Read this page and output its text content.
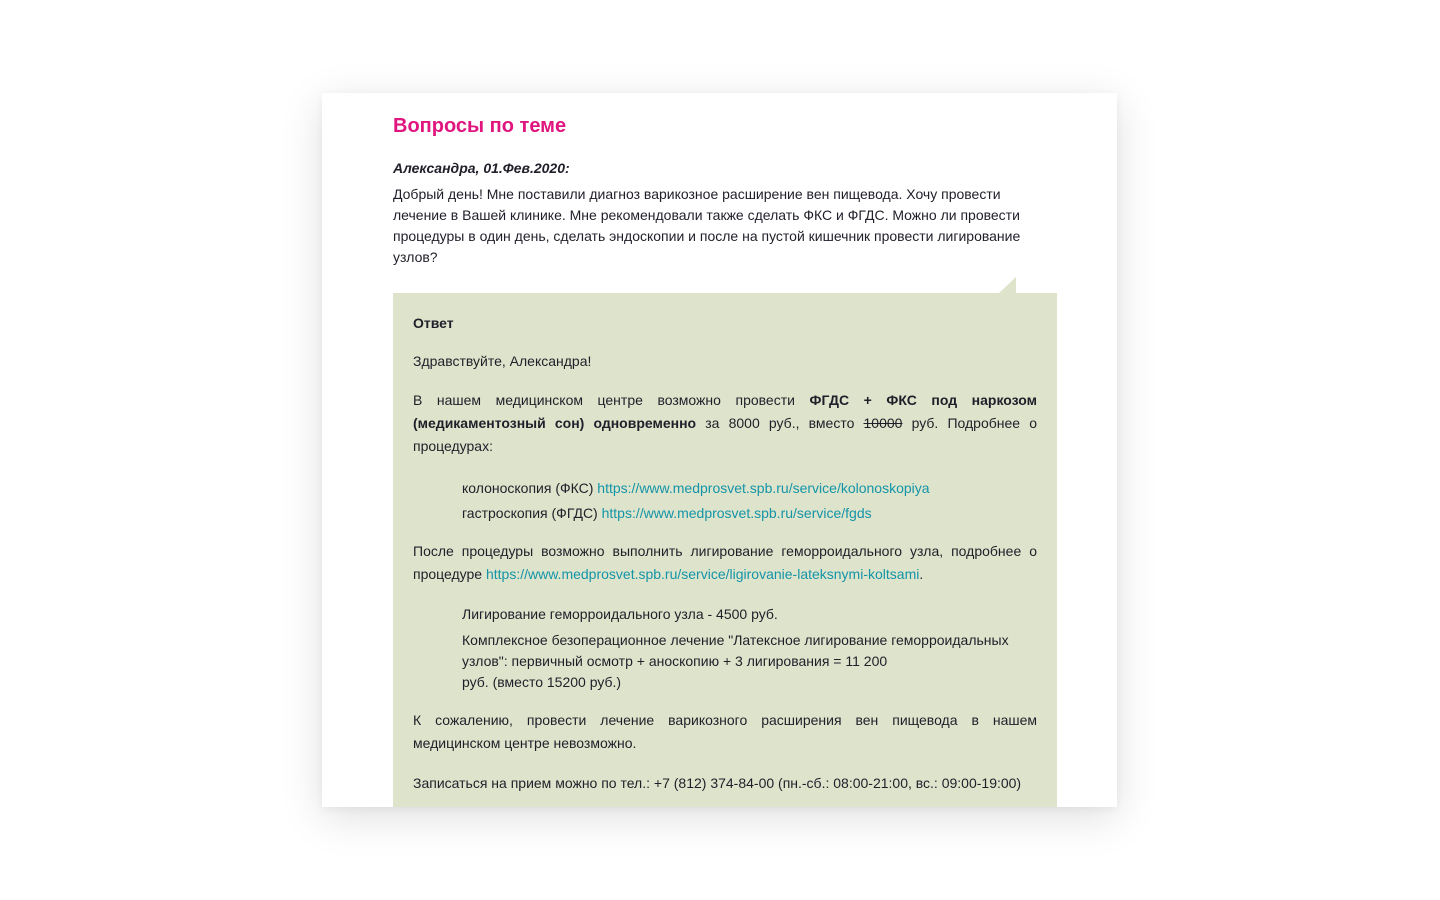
Вопросы по теме
Александра, 01.Фев.2020:
Добрый день! Мне поставили диагноз варикозное расширение вен пищевода. Хочу провести лечение в Вашей клинике. Мне рекомендовали также сделать ФКС и ФГДС. Можно ли провести процедуры в один день, сделать эндоскопии и после на пустой кишечник провести лигирование узлов?
Ответ

Здравствуйте, Александра!

В нашем медицинском центре возможно провести ФГДС + ФКС под наркозом (медикаментозный сон) одновременно за 8000 руб., вместо 10000 руб. Подробнее о процедурах:

колоноскопия (ФКС) https://www.medprosvet.spb.ru/service/kolonoskopiya
гастроскопия (ФГДС) https://www.medprosvet.spb.ru/service/fgds

После процедуры возможно выполнить лигирование геморроидального узла, подробнее о процедуре https://www.medprosvet.spb.ru/service/ligirovanie-lateksnymi-koltsami.

Лигирование геморроидального узла - 4500 руб.
Комплексное безоперационное лечение "Латексное лигирование геморроидальных узлов": первичный осмотр + аноскопию + 3 лигирования = 11 200
руб. (вместо 15200 руб.)

К сожалению, провести лечение варикозного расширения вен пищевода в нашем медицинском центре невозможно.

Записаться на прием можно по тел.: +7 (812) 374-84-00 (пн.-сб.: 08:00-21:00, вс.: 09:00-19:00)
